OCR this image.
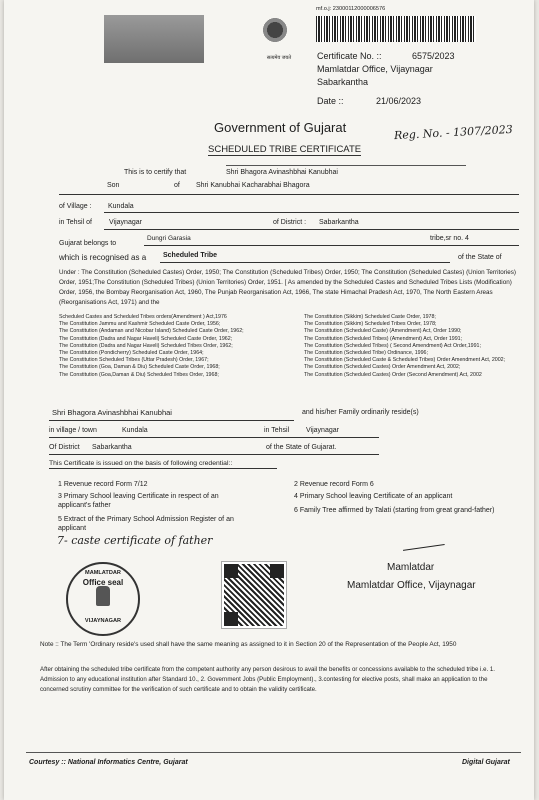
सत्यमेव जयते
mf.o.j: 23000112000006576
Certificate No. ::	6575/2023
Mamlatdar Office, Vijaynagar
Sabarkantha
Date ::	21/06/2023
Government of Gujarat
SCHEDULED TRIBE CERTIFICATE
Reg. No. - 1307/2023
This is to certify that	Shri Bhagora Avinashbhai Kanubhai
Son	of Shri Kanubhai Kacharabhai Bhagora
of Village : Kundala
in Tehsil of Vijaynagar	of District : Sabarkantha
Gujarat belongs to
Dungri Garasia	tribe,sr no. 4
which is recognised as a Scheduled Tribe	of the State of
Under : The Constitution (Scheduled Castes) Order, 1950; The Constitution (Scheduled Tribes) Order, 1950; The Constitution (Scheduled Castes) (Union Territories) Order, 1951;The Constitution (Scheduled Tribes) (Union Territories) Order, 1951. [ As amended by the Scheduled Castes and Scheduled Tribes Lists (Modification) Order, 1956, the Bombay Reorganisation Act, 1960, The Punjab Reorganisation Act, 1966, The state Himachal Pradesh Act, 1970, The North Eastern Areas (Reorganisations Act, 1971) and the
Scheduled Castes and Scheduled Tribes orders(Amendment ) Act,1976
The Constitution Jammu and Kashmir Scheduled Caste Order, 1956;
The Constitution (Andaman and Nicobar Island) Scheduled Caste Order, 1962;
The Constitution (Dadra and Nagar Haveli) Scheduled Caste Order, 1962;
The Constitution (Dadra and Nagar Haveli) Scheduled Tribes Order, 1962;
The Constitution (Pondicherry) Scheduled Caste Order, 1964;
The Constitution Scheduled Tribes (Uttar Pradesh) Order, 1967;
The Constitution (Goa, Daman & Diu) Scheduled Caste Order, 1968;
The Constitution (Goa,Daman & Diu) Scheduled Tribes Order, 1968;
The Constitution (Sikkim) Scheduled Caste Order, 1978;
The Constitution (Sikkim) Scheduled Tribes Order, 1978;
The Constitution (Scheduled Caste) (Amendment) Act, Order 1990;
The Constitution (Scheduled Tribes) (Amendment) Act, Order 1991;
The Constitution (Scheduled Tribes) ( Second Amendment) Act Order,1991;
The Constitution (Scheduled Tribe) Ordinance, 1996;
The Constitution (Scheduled Caste & Scheduled Tribes) Order Amendment Act, 2002;
The Constitution (Scheduled Castes) Order Amendment Act, 2002;
The Constitution (Scheduled Castes) Order (Second Amendment) Act, 2002
Shri Bhagora Avinashbhai Kanubhai	and his/her Family ordinarily reside(s)
in village / town	Kundala	in Tehsil Vijaynagar
Of District Sabarkantha	of the State of Gujarat.
This Certificate is issued on the basis of following credential::
1 Revenue record Form 7/12	2 Revenue record Form 6
3 Primary School leaving Certificate in respect of an applicant's father
4 Primary School leaving Certificate of an applicant
5 Extract of the Primary School Admission Register of an applicant
6 Family Tree affirmed by Talati (starting from great grand-father)
7- caste certificate of father
MAMLATDAR
Office seal
VIJAYNAGAR
Mamlatdar
Mamlatdar Office, Vijaynagar
Note :: The Term 'Ordinary reside's used shall have the same meaning as assigned to it in Section 20 of the Representation of the People Act, 1950
After obtaining the scheduled tribe certificate from the competent authority any person desirous to avail the benefits or concessions available to the scheduled tribe i.e. 1. Admission to any educational institution after Standard 10., 2. Government Jobs (Public Employment)., 3.contesting for elective posts, shall make an application to the concerned scrutiny committee for the verification of such certificate and to obtain the validity certificate.
Courtesy :: National Informatics Centre, Gujarat	Digital Gujarat
